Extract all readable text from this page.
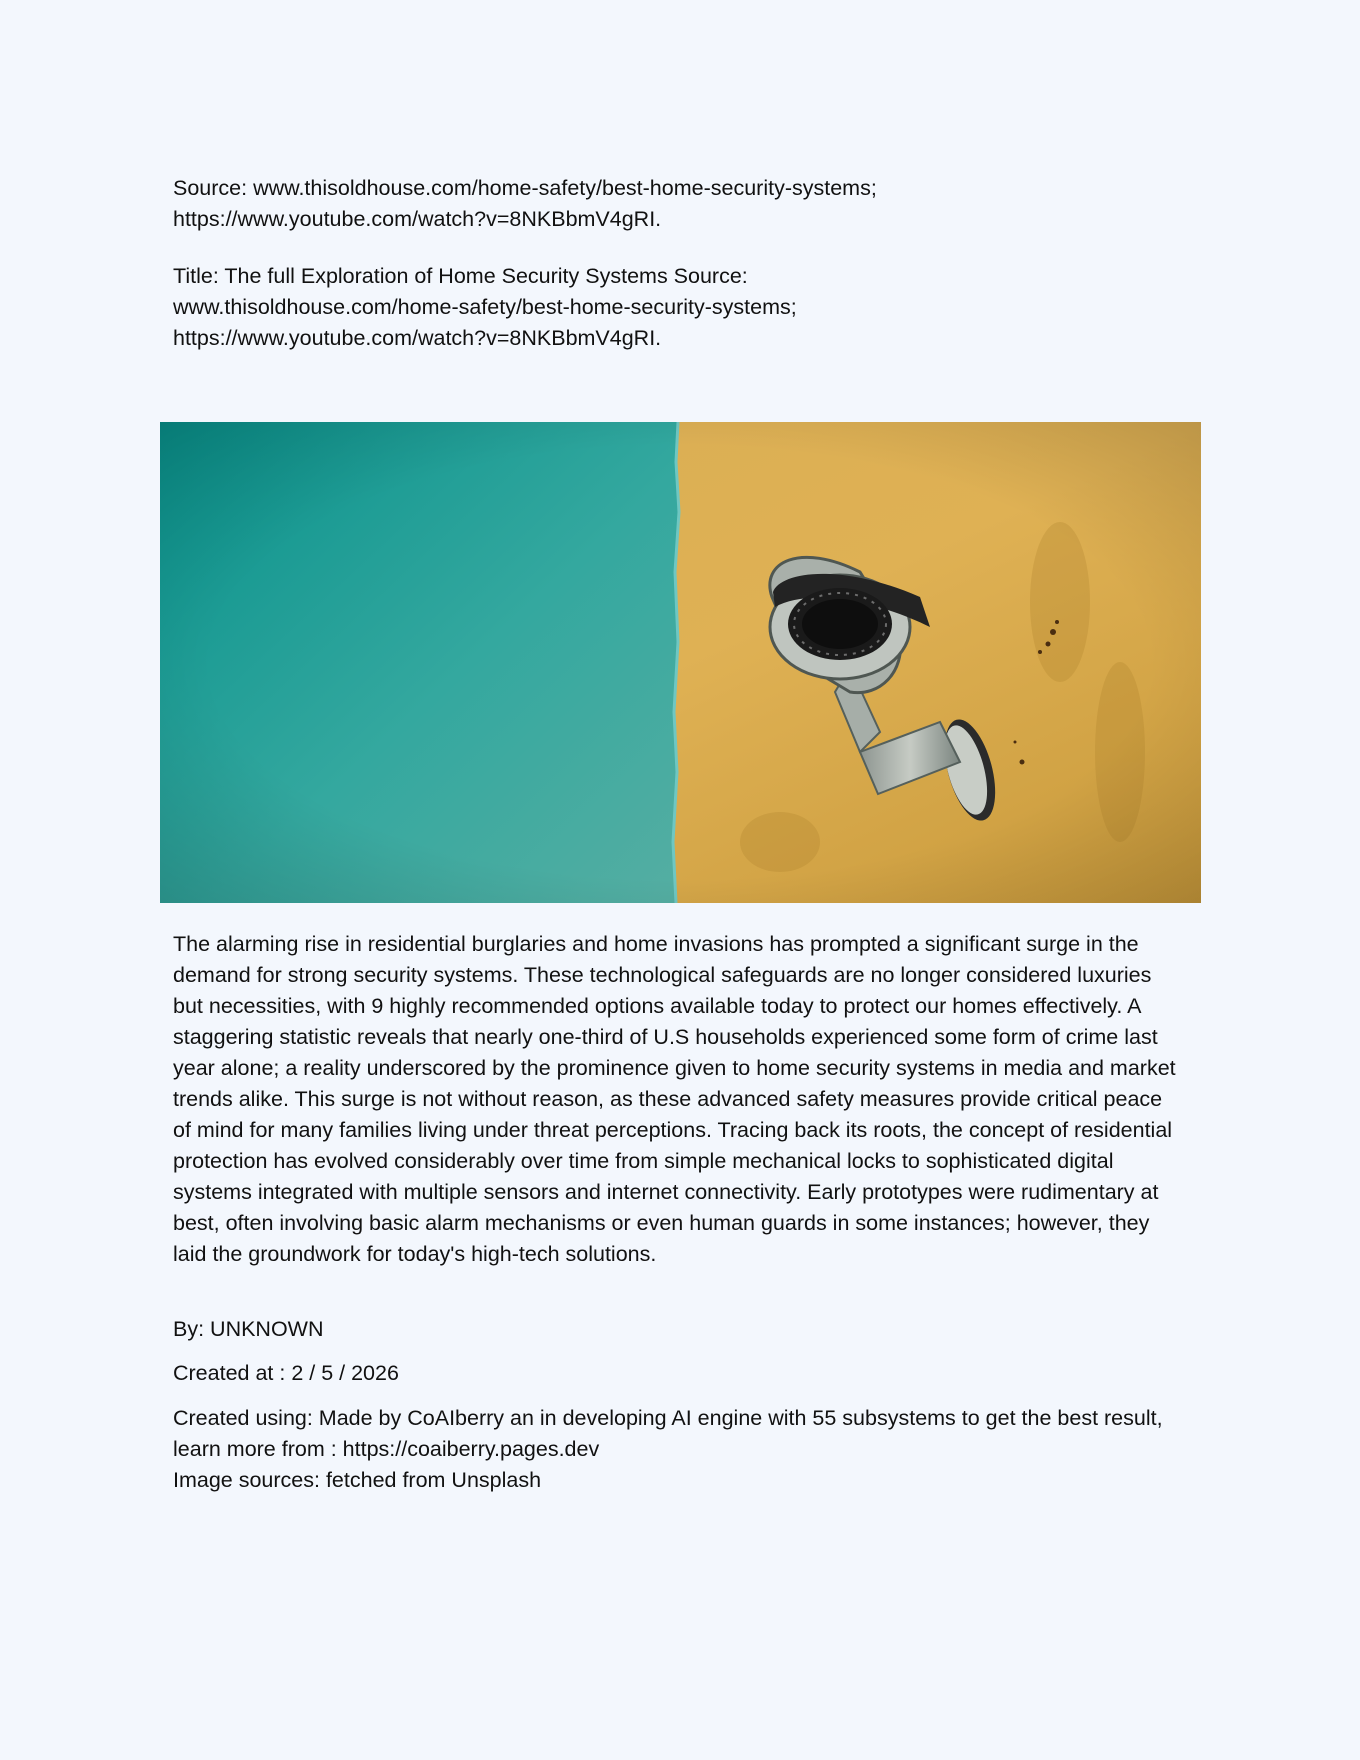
Source: www.thisoldhouse.com/home-safety/best-home-security-systems; https://www.youtube.com/watch?v=8NKBbmV4gRI.

Title: The full Exploration of Home Security Systems Source: www.thisoldhouse.com/home-safety/best-home-security-systems; https://www.youtube.com/watch?v=8NKBbmV4gRI.

The alarming rise in residential burglaries and home invasions has prompted a significant surge in the demand for strong security systems. These technological safeguards are no longer considered luxuries but necessities, with 9 highly recommended options available today to protect our homes effectively. A staggering statistic reveals that nearly one-third of U.S households experienced some form of crime last year alone; a reality underscored by the prominence given to home security systems in media and market trends alike. This surge is not without reason, as these advanced safety measures provide critical peace of mind for many families living under threat perceptions. Tracing back its roots, the concept of residential protection has evolved considerably over time from simple mechanical locks to sophisticated digital systems integrated with multiple sensors and internet connectivity. Early prototypes were rudimentary at best, often involving basic alarm mechanisms or even human guards in some instances; however, they laid the groundwork for today's high-tech solutions.

By: UNKNOWN

Created at : 2 / 5 / 2026

Created using: Made by CoAIberry an in developing AI engine with 55 subsystems to get the best result, learn more from : https://coaiberry.pages.dev

Image sources: fetched from Unsplash
